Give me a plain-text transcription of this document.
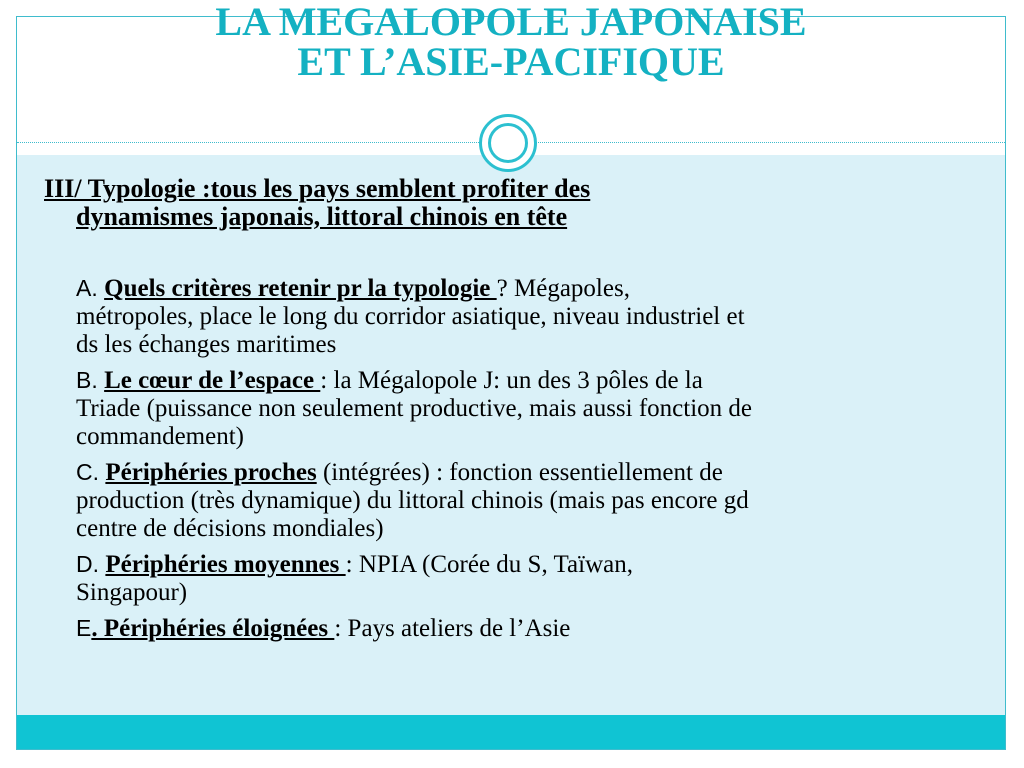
LA MEGALOPOLE JAPONAISE
ET L’ASIE-PACIFIQUE

III/ Typologie :tous les pays semblent profiter des
dynamismes japonais, littoral chinois en tête

A. Quels critères retenir pr la typologie ? Mégapoles,
métropoles, place le long du corridor asiatique, niveau industriel et
ds les échanges maritimes

B. Le cœur de l’espace : la Mégalopole J: un des 3 pôles de la
Triade (puissance non seulement productive, mais aussi fonction de
commandement)

C. Périphéries proches (intégrées) : fonction essentiellement de
production (très dynamique) du littoral chinois (mais pas encore gd
centre de décisions mondiales)

D. Périphéries moyennes : NPIA (Corée du S, Taïwan,
Singapour)

E. Périphéries éloignées : Pays ateliers de l’Asie
